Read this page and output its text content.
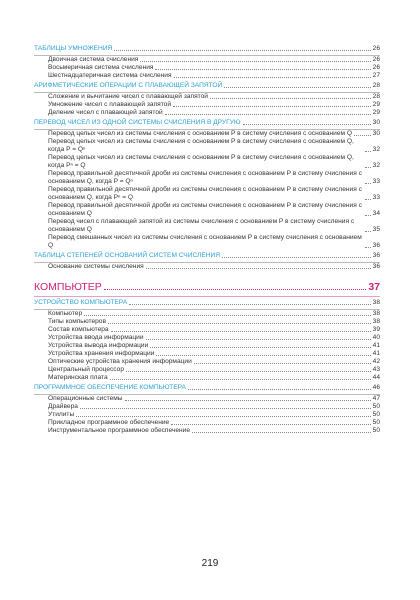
ТАБЛИЦЫ УМНОЖЕНИЯ	26
Двоичная система счисления	26
Восьмеричная система счисления	26
Шестнадцатеричная система счисления	27
АРИФМЕТИЧЕСКИЕ ОПЕРАЦИИ С ПЛАВАЮЩЕЙ ЗАПЯТОЙ	28
Сложение и вычитание чисел с плавающей запятой	28
Умножение чисел с плавающей запятой	29
Деление чисел с плавающей запятой	29
ПЕРЕВОД ЧИСЕЛ ИЗ ОДНОЙ СИСТЕМЫ СЧИСЛЕНИЯ В ДРУГУЮ	30
Перевод целых чисел из системы счисления с основанием P в систему счисления с основанием Q	30
Перевод целых чисел из системы счисления с основанием P в систему счисления с основанием Q, когда P = Qⁿ	32
Перевод целых чисел из системы счисления с основанием P в систему счисления с основанием Q, когда Pⁿ = Q	32
Перевод правильной десятичной дроби из системы счисления с основанием P в систему счисления с основанием Q, когда P = Qⁿ	33
Перевод правильной десятичной дроби из системы счисления с основанием P в систему счисления с основанием Q, когда Pⁿ = Q	33
Перевод правильной десятичной дроби из системы счисления с основанием P в систему счисления с основанием Q	34
Перевод чисел с плавающей запятой из системы счисления с основанием P в систему счисления с основанием Q	35
Перевод смешанных чисел из системы счисления с основанием P в систему счисления с основанием Q	36
ТАБЛИЦА СТЕПЕНЕЙ ОСНОВАНИЙ СИСТЕМ СЧИСЛЕНИЯ	36
Основание системы счисления	36
КОМПЬЮТЕР	37
УСТРОЙСТВО КОМПЬЮТЕРА	38
Компьютер	38
Типы компьютеров	38
Состав компьютера	39
Устройства ввода информации	40
Устройства вывода информации	41
Устройства хранения информации	41
Оптические устройства хранения информации	42
Центральный процессор	43
Материнская плата	44
ПРОГРАММНОЕ ОБЕСПЕЧЕНИЕ КОМПЬЮТЕРА	46
Операционные системы	47
Драйвера	50
Утилиты	50
Прикладное программное обеспечение	50
Инструментальное программное обеспечение	50
219
